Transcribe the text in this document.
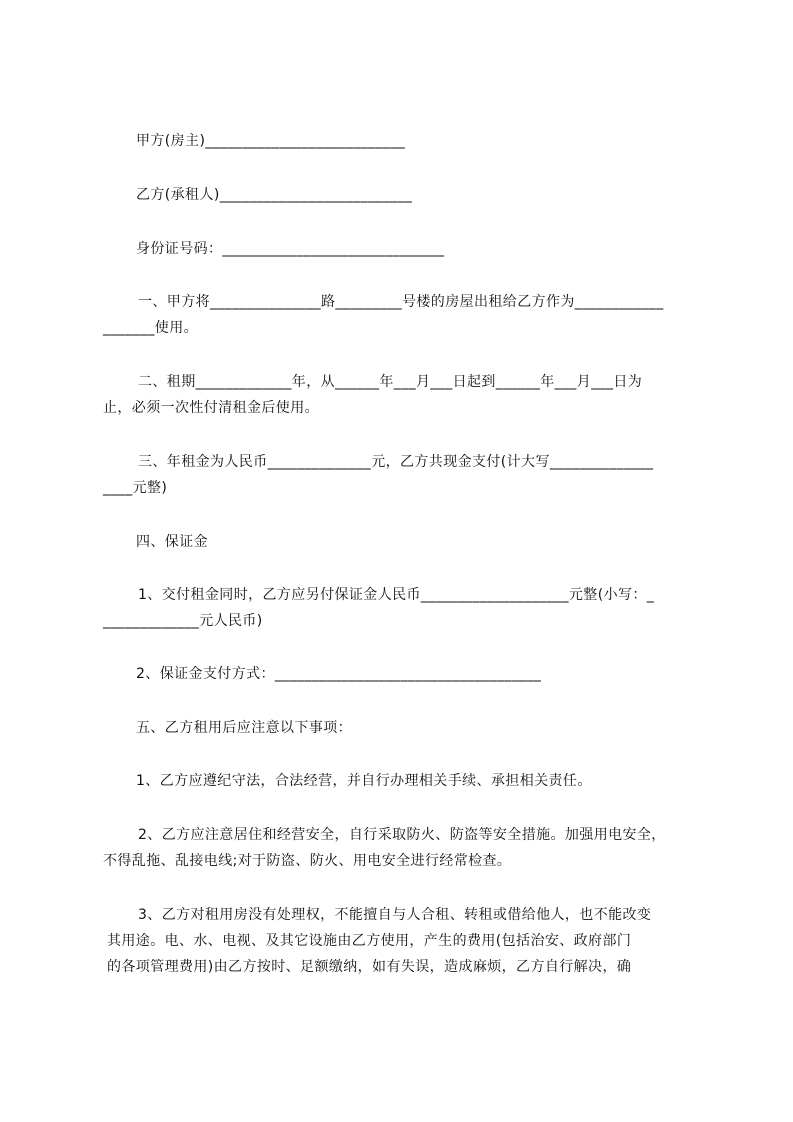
甲方(房主)___________________________
乙方(承租人)__________________________
身份证号码：______________________________
一、甲方将_______________路_________号楼的房屋出租给乙方作为____________
_______使用。
二、租期_____________年，从______年___月___日起到______年___月___日为
止，必须一次性付清租金后使用。
三、年租金为人民币______________元，乙方共现金支付(计大写______________
____元整)
四、保证金
1、交付租金同时，乙方应另付保证金人民币____________________元整(小写：_
_____________元人民币)
2、保证金支付方式：____________________________________
五、乙方租用后应注意以下事项：
1、乙方应遵纪守法，合法经营，并自行办理相关手续、承担相关责任。
2、乙方应注意居住和经营安全，自行采取防火、防盗等安全措施。加强用电安全，
不得乱拖、乱接电线;对于防盗、防火、用电安全进行经常检查。
3、乙方对租用房没有处理权，不能擅自与人合租、转租或借给他人，也不能改变
其用途。电、水、电视、及其它设施由乙方使用，产生的费用(包括治安、政府部门
的各项管理费用)由乙方按时、足额缴纳，如有失误，造成麻烦，乙方自行解决，确
